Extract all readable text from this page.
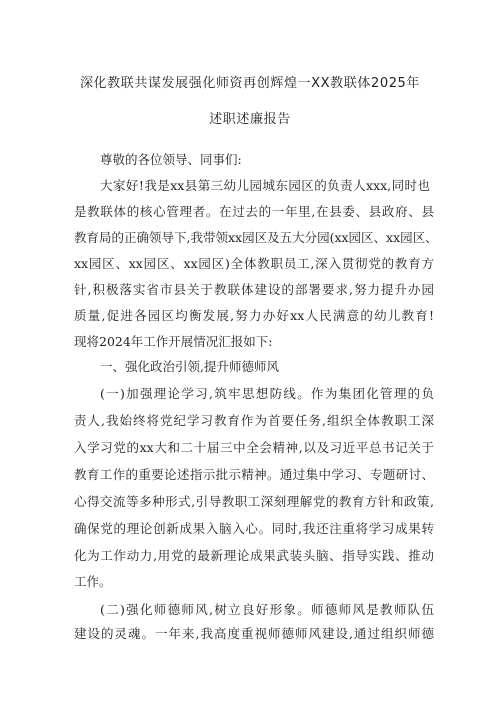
深化教联共谋发展强化师资再创辉煌一XX教联体2025年
述职述廉报告
尊敬的各位领导、同事们:
大家好!我是xx县第三幼儿园城东园区的负责人xxx,同时也
是教联体的核心管理者。在过去的一年里,在县委、县政府、县
教育局的正确领导下,我带领xx园区及五大分园(xx园区、xx园区、
xx园区、xx园区、xx园区)全体教职员工,深入贯彻党的教育方
针,积极落实省市县关于教联体建设的部署要求,努力提升办园
质量,促进各园区均衡发展,努力办好xx人民满意的幼儿教育!
现将2024年工作开展情况汇报如下:
一、强化政治引领,提升师德师风
(一)加强理论学习,筑牢思想防线。作为集团化管理的负
责人,我始终将党纪学习教育作为首要任务,组织全体教职工深
入学习党的xx大和二十届三中全会精神,以及习近平总书记关于
教育工作的重要论述指示批示精神。通过集中学习、专题研讨、
心得交流等多种形式,引导教职工深刻理解党的教育方针和政策,
确保党的理论创新成果入脑入心。同时,我还注重将学习成果转
化为工作动力,用党的最新理论成果武装头脑、指导实践、推动
工作。
(二)强化师德师风,树立良好形象。师德师风是教师队伍
建设的灵魂。一年来,我高度重视师德师风建设,通过组织师德
